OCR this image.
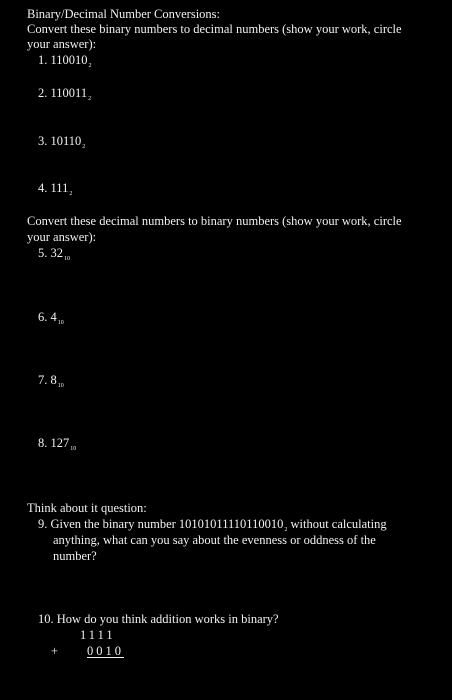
Binary/Decimal Number Conversions:
Convert these binary numbers to decimal numbers (show your work, circle
your answer):
1. $110010_2$
2. $110011_2$
3. $10110_2$
4. $111_2$
Convert these decimal numbers to binary numbers (show your work, circle
your answer):
5. $32_{10}$
6. $4_{10}$
7. $8_{10}$
8. $127_{10}$
Think about it question:
9. Given the binary number $10101011110110010_2$ without calculating
anything, what can you say about the evenness or oddness of the
number?
10. How do you think addition works in binary?
1111
+ 0010
